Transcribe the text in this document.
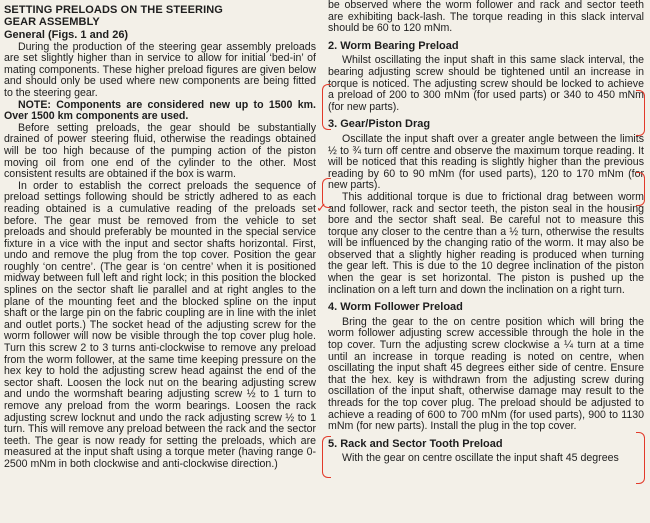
SETTING PRELOADS ON THE STEERING
GEAR ASSEMBLY
General (Figs. 1 and 26)

During the production of the steering gear assembly preloads are set slightly higher than in service to allow for initial ‘bed-in’ of mating components. These higher preload figures are given below and should only be used where new components are being fitted to the steering gear.

NOTE: Components are considered new up to 1500 km. Over 1500 km components are used.

Before setting preloads, the gear should be substantially drained of power steering fluid, otherwise the readings obtained will be too high because of the pumping action of the piston moving oil from one end of the cylinder to the other. Most consistent results are obtained if the box is warm.

In order to establish the correct preloads the sequence of preload settings following should be strictly adhered to as each reading obtained is a cumulative reading of the preloads set before. The gear must be removed from the vehicle to set preloads and should preferably be mounted in the special service fixture in a vice with the input and sector shafts horizontal. First, undo and remove the plug from the top cover. Position the gear roughly ‘on centre’. (The gear is ‘on centre’ when it is positioned midway between full left and right lock; in this position the blocked splines on the sector shaft lie parallel and at right angles to the plane of the mounting feet and the blocked spline on the input shaft or the large pin on the fabric coupling are in line with the inlet and outlet ports.) The socket head of the adjusting screw for the worm follower will now be visible through the top cover plug hole. Turn this screw 2 to 3 turns anti-clockwise to remove any preload from the worm follower, at the same time keeping pressure on the hex key to hold the adjusting screw head against the end of the sector shaft. Loosen the lock nut on the bearing adjusting screw and undo the wormshaft bearing adjusting screw ½ to 1 turn to remove any preload from the worm bearings. Loosen the rack adjusting screw locknut and undo the rack adjusting screw ½ to 1 turn. This will remove any preload between the rack and the sector teeth. The gear is now ready for setting the preloads, which are measured at the input shaft using a torque meter (having range 0-2500 mNm in both clockwise and anti-clockwise direction.)

be observed where the worm follower and rack and sector teeth are exhibiting back-lash. The torque reading in this slack interval should be 60 to 120 mNm.

2. Worm Bearing Preload

Whilst oscillating the input shaft in this same slack interval, the bearing adjusting screw should be tightened until an increase in torque is noticed. The adjusting screw should be locked to achieve a preload of 200 to 300 mNm (for used parts) or 340 to 450 mNm (for new parts).

3. Gear/Piston Drag

Oscillate the input shaft over a greater angle between the limits ½ to ¾ turn off centre and observe the maximum torque reading. It will be noticed that this reading is slightly higher than the previous reading by 60 to 90 mNm (for used parts), 120 to 170 mNm (for new parts).

This additional torque is due to frictional drag between worm and follower, rack and sector teeth, the piston seal in the housing bore and the sector shaft seal. Be careful not to measure this torque any closer to the centre than a ½ turn, otherwise the results will be influenced by the changing ratio of the worm. It may also be observed that a slightly higher reading is produced when turning the gear left. This is due to the 10 degree inclination of the piston when the gear is set horizontal. The piston is pushed up the inclination on a left turn and down the inclination on a right turn.

4. Worm Follower Preload

Bring the gear to the on centre position which will bring the worm follower adjusting screw accessible through the hole in the top cover. Turn the adjusting screw clockwise a ¼ turn at a time until an increase in torque reading is noted on centre, when oscillating the input shaft 45 degrees either side of centre. Ensure that the hex. key is withdrawn from the adjusting screw during oscillation of the input shaft, otherwise damage may result to the threads for the top cover plug. The preload should be adjusted to achieve a reading of 600 to 700 mNm (for used parts), 900 to 1130 mNm (for new parts). Install the plug in the top cover.

5. Rack and Sector Tooth Preload

With the gear on centre oscillate the input shaft 45 degrees

✓
